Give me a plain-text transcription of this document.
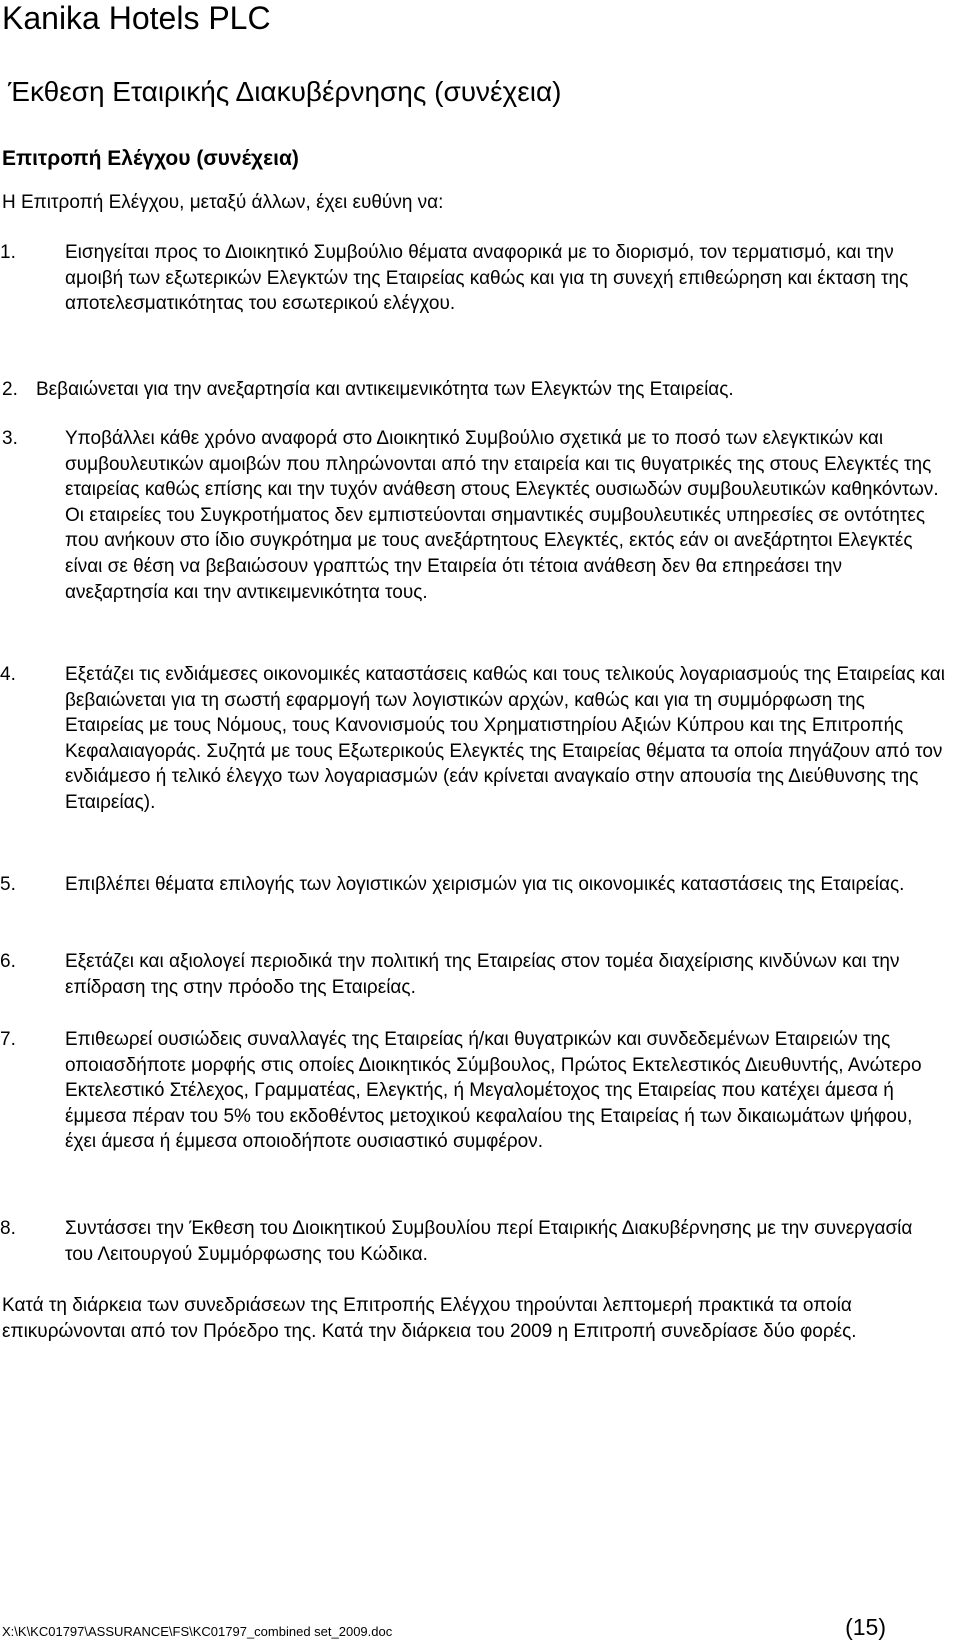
Kanika Hotels PLC
Έκθεση Εταιρικής Διακυβέρνησης (συνέχεια)
Επιτροπή Ελέγχου (συνέχεια)

Η Επιτροπή Ελέγχου, μεταξύ άλλων, έχει ευθύνη να:

1.	Εισηγείται προς το Διοικητικό Συμβούλιο θέματα αναφορικά με το διορισμό, τον τερματισμό, και την αμοιβή των εξωτερικών Ελεγκτών της Εταιρείας καθώς και για τη συνεχή επιθεώρηση και έκταση της αποτελεσματικότητας του εσωτερικού ελέγχου.
2. Βεβαιώνεται για την ανεξαρτησία και αντικειμενικότητα των Ελεγκτών της Εταιρείας.
3.	Υποβάλλει κάθε χρόνο αναφορά στο Διοικητικό Συμβούλιο σχετικά με το ποσό των ελεγκτικών και συμβουλευτικών αμοιβών που πληρώνονται από την εταιρεία και τις θυγατρικές της στους Ελεγκτές της εταιρείας καθώς επίσης και την τυχόν ανάθεση στους Ελεγκτές ουσιωδών συμβουλευτικών καθηκόντων. Οι εταιρείες του Συγκροτήματος δεν εμπιστεύονται σημαντικές συμβουλευτικές υπηρεσίες σε οντότητες που ανήκουν στο ίδιο συγκρότημα με τους ανεξάρτητους Ελεγκτές, εκτός εάν οι ανεξάρτητοι Ελεγκτές είναι σε θέση να βεβαιώσουν γραπτώς την Εταιρεία ότι τέτοια ανάθεση δεν θα επηρεάσει την ανεξαρτησία και την αντικειμενικότητα τους.
4.	Εξετάζει τις ενδιάμεσες οικονομικές καταστάσεις καθώς και τους τελικούς λογαριασμούς της Εταιρείας και βεβαιώνεται για τη σωστή εφαρμογή των λογιστικών αρχών, καθώς και για τη συμμόρφωση της Εταιρείας με τους Νόμους, τους Κανονισμούς του Χρηματιστηρίου Αξιών Κύπρου και της Επιτροπής Κεφαλαιαγοράς. Συζητά με τους Εξωτερικούς Ελεγκτές της Εταιρείας θέματα τα οποία πηγάζουν από τον ενδιάμεσο ή τελικό έλεγχο των λογαριασμών (εάν κρίνεται αναγκαίο στην απουσία της Διεύθυνσης της Εταιρείας).
5.	Επιβλέπει θέματα επιλογής των λογιστικών χειρισμών για τις οικονομικές καταστάσεις της Εταιρείας.
6.	Εξετάζει και αξιολογεί περιοδικά την πολιτική της Εταιρείας στον τομέα διαχείρισης κινδύνων και την επίδραση της στην πρόοδο της Εταιρείας.
7.	Επιθεωρεί ουσιώδεις συναλλαγές της Εταιρείας ή/και θυγατρικών και συνδεδεμένων Εταιρειών της οποιασδήποτε μορφής στις οποίες Διοικητικός Σύμβουλος, Πρώτος Εκτελεστικός Διευθυντής, Ανώτερο Εκτελεστικό Στέλεχος, Γραμματέας, Ελεγκτής, ή Μεγαλομέτοχος της Εταιρείας που κατέχει άμεσα ή έμμεσα πέραν του 5% του εκδοθέντος μετοχικού κεφαλαίου της Εταιρείας ή των δικαιωμάτων ψήφου, έχει άμεσα ή έμμεσα οποιοδήποτε ουσιαστικό συμφέρον.
8.	Συντάσσει την Έκθεση του Διοικητικού Συμβουλίου περί Εταιρικής Διακυβέρνησης με την συνεργασία του Λειτουργού Συμμόρφωσης του Κώδικα.

Κατά τη διάρκεια των συνεδριάσεων της Επιτροπής Ελέγχου τηρούνται λεπτομερή πρακτικά τα οποία επικυρώνονται από τον Πρόεδρο της. Κατά την διάρκεια του 2009 η Επιτροπή συνεδρίασε δύο φορές.

X:\K\KC01797\ASSURANCE\FS\KC01797_combined set_2009.doc	(15)
